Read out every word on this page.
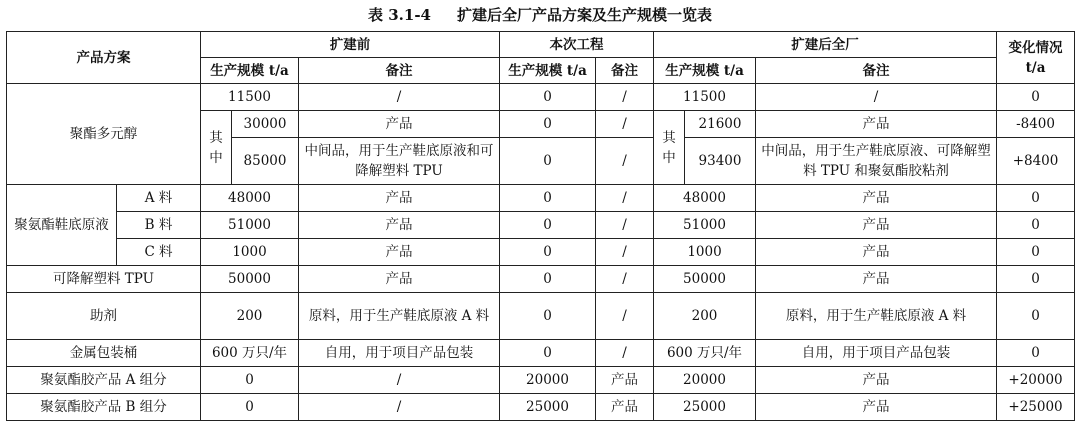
表 3.1-4 扩建后全厂产品方案及生产规模一览表
产品方案		扩建前			本次工程		扩建后全厂			变化情况 t/a
		生产规模 t/a		备注	生产规模 t/a	备注	生产规模 t/a		备注	
聚酯多元醇		11500		/	0	/	11500		/	0
		其中	30000	产品	0	/	其中	21600	产品	-8400
			85000	中间品，用于生产鞋底原液和可降解塑料 TPU	0	/		93400	中间品，用于生产鞋底原液、可降解塑料 TPU 和聚氨酯胶粘剂	+8400
聚氨酯鞋底原液	A 料	48000		产品	0	/	48000		产品	0
	B 料	51000		产品	0	/	51000		产品	0
	C 料	1000		产品	0	/	1000		产品	0
可降解塑料 TPU		50000		产品	0	/	50000		产品	0
助剂		200		原料，用于生产鞋底原液 A 料	0	/	200		原料，用于生产鞋底原液 A 料	0
金属包装桶		600 万只/年		自用，用于项目产品包装	0	/	600 万只/年		自用，用于项目产品包装	0
聚氨酯胶产品 A 组分		0		/	20000	产品	20000		产品	+20000
聚氨酯胶产品 B 组分		0		/	25000	产品	25000		产品	+25000
